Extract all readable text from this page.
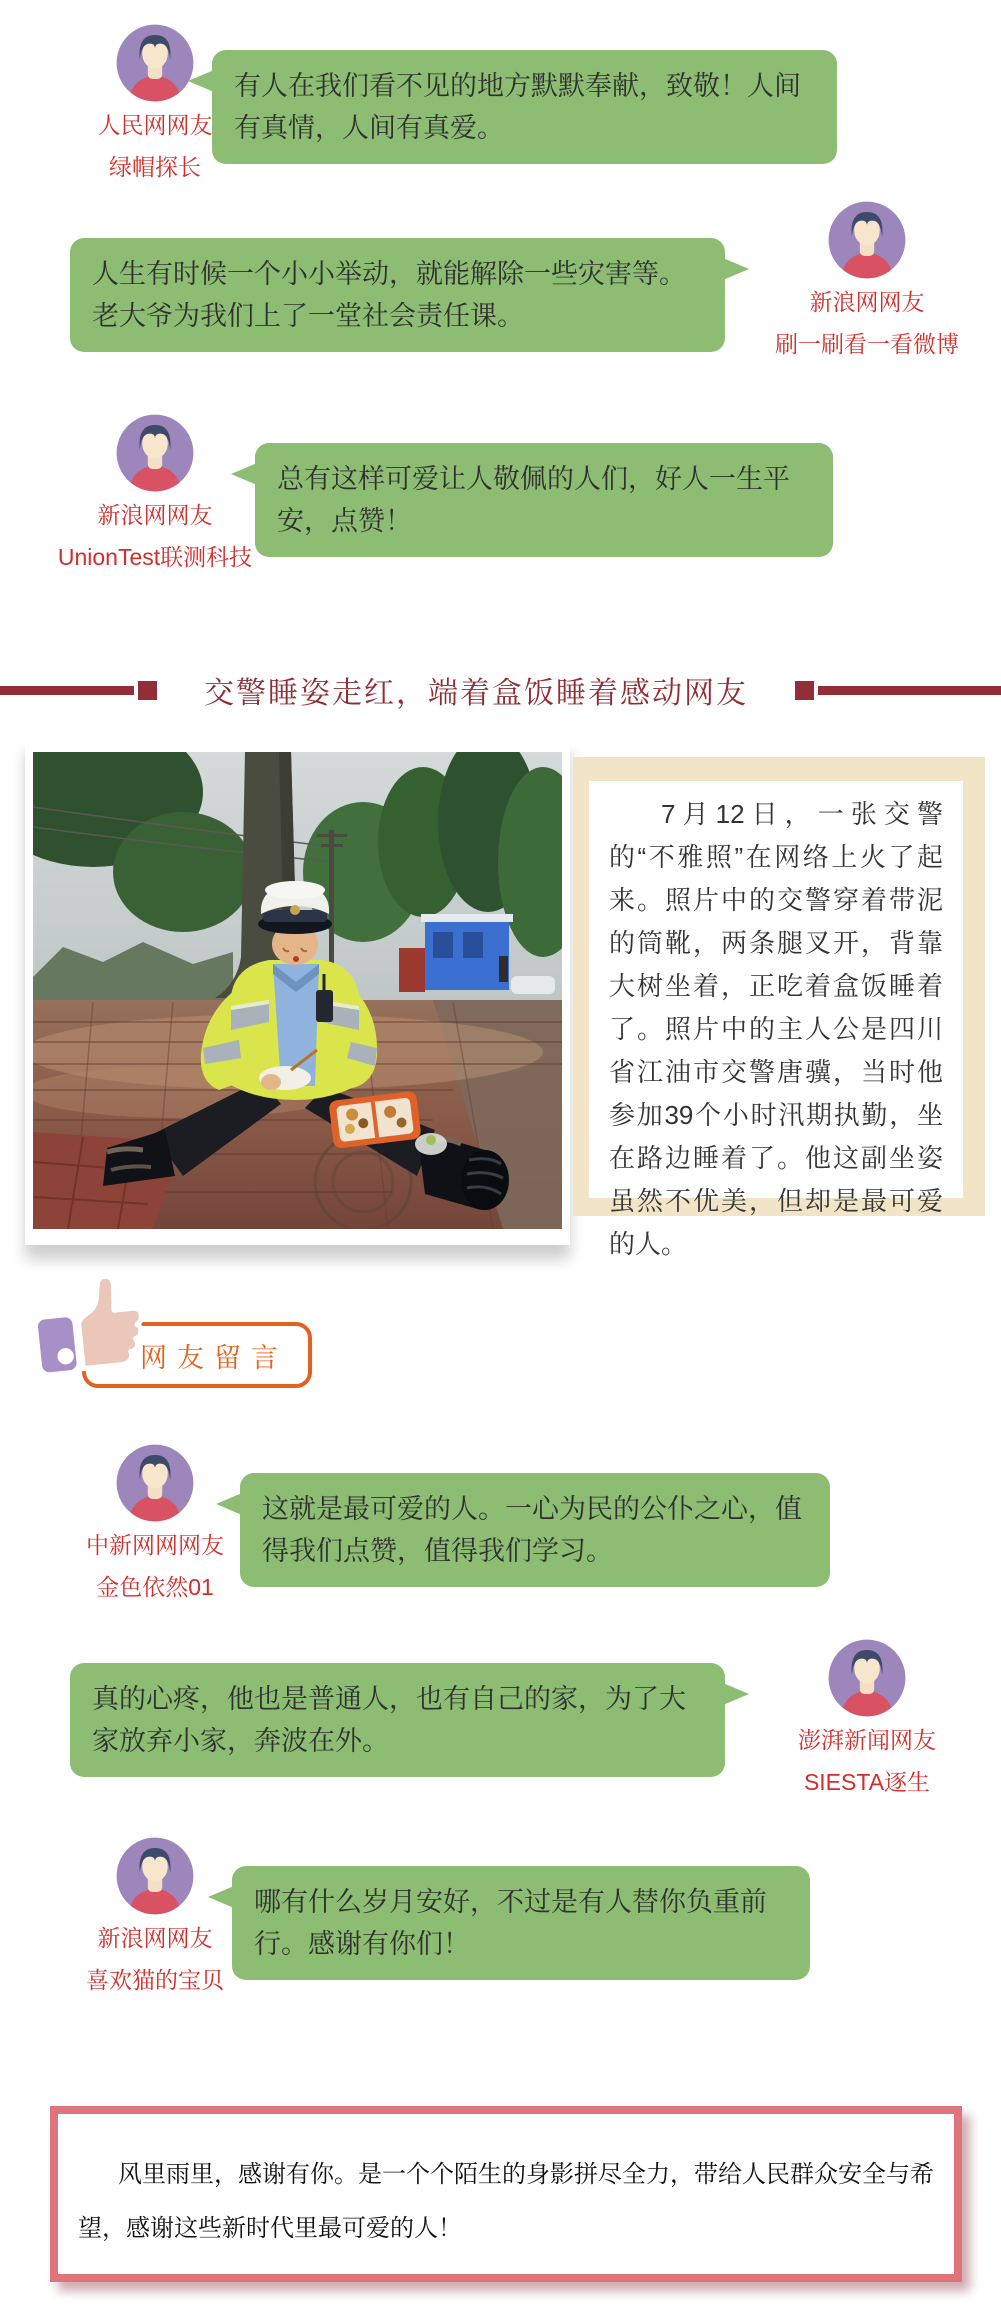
人民网网友
绿帽探长
有人在我们看不见的地方默默奉献，致敬！人间有真情，人间有真爱。
人生有时候一个小小举动，就能解除一些灾害等。老大爷为我们上了一堂社会责任课。	新浪网网友
刷一刷看一看微博
新浪网网友
UnionTest联测科技
总有这样可爱让人敬佩的人们，好人一生平安，点赞！
交警睡姿走红，端着盒饭睡着感动网友

7月12日，一张交警的“不雅照”在网络上火了起来。照片中的交警穿着带泥的筒靴，两条腿叉开，背靠大树坐着，正吃着盒饭睡着了。照片中的主人公是四川省江油市交警唐骥，当时他参加39个小时汛期执勤，坐在路边睡着了。他这副坐姿虽然不优美，但却是最可爱的人。

网友留言
中新网网网友
金色依然01
这就是最可爱的人。一心为民的公仆之心，值得我们点赞，值得我们学习。
真的心疼，他也是普通人，也有自己的家，为了大家放弃小家，奔波在外。	澎湃新闻网友
SIESTA逐生
新浪网网友
喜欢猫的宝贝
哪有什么岁月安好，不过是有人替你负重前行。感谢有你们！

风里雨里，感谢有你。是一个个陌生的身影拼尽全力，带给人民群众安全与希望，感谢这些新时代里最可爱的人！
